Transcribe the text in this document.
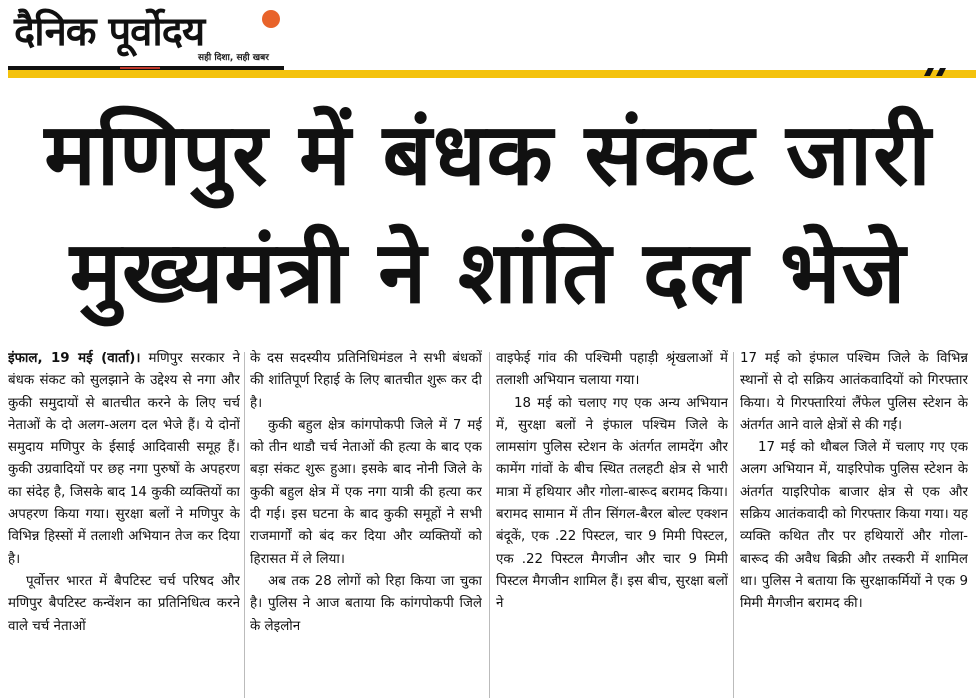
दैनिक पूर्वोदय
सही दिशा, सही खबर
मणिपुर में बंधक संकट जारी
मुख्यमंत्री ने शांति दल भेजे

इंफाल, 19 मई (वार्ता)। मणिपुर सरकार ने बंधक संकट को सुलझाने के उद्देश्य से नगा और कुकी समुदायों से बातचीत करने के लिए चर्च नेताओं के दो अलग-अलग दल भेजे हैं। ये दोनों समुदाय मणिपुर के ईसाई आदिवासी समूह हैं। कुकी उग्रवादियों पर छह नगा पुरुषों के अपहरण का संदेह है, जिसके बाद 14 कुकी व्यक्तियों का अपहरण किया गया। सुरक्षा बलों ने मणिपुर के विभिन्न हिस्सों में तलाशी अभियान तेज कर दिया है।

पूर्वोत्तर भारत में बैपटिस्ट चर्च परिषद और मणिपुर बैपटिस्ट कन्वेंशन का प्रतिनिधित्व करने वाले चर्च नेताओं

के दस सदस्यीय प्रतिनिधिमंडल ने सभी बंधकों की शांतिपूर्ण रिहाई के लिए बातचीत शुरू कर दी है।

कुकी बहुल क्षेत्र कांगपोकपी जिले में 7 मई को तीन थाडौ चर्च नेताओं की हत्या के बाद एक बड़ा संकट शुरू हुआ। इसके बाद नोनी जिले के कुकी बहुल क्षेत्र में एक नगा यात्री की हत्या कर दी गई। इस घटना के बाद कुकी समूहों ने सभी राजमार्गों को बंद कर दिया और व्यक्तियों को हिरासत में ले लिया।

अब तक 28 लोगों को रिहा किया जा चुका है। पुलिस ने आज बताया कि कांगपोकपी जिले के लेइलोन

वाइफेई गांव की पश्चिमी पहाड़ी श्रृंखलाओं में तलाशी अभियान चलाया गया।

18 मई को चलाए गए एक अन्य अभियान में, सुरक्षा बलों ने इंफाल पश्चिम जिले के लामसांग पुलिस स्टेशन के अंतर्गत लामदेंग और कामेंग गांवों के बीच स्थित तलहटी क्षेत्र से भारी मात्रा में हथियार और गोला-बारूद बरामद किया। बरामद सामान में तीन सिंगल-बैरल बोल्ट एक्शन बंदूकें, एक .22 पिस्टल, चार 9 मिमी पिस्टल, एक .22 पिस्टल मैगजीन और चार 9 मिमी पिस्टल मैगजीन शामिल हैं। इस बीच, सुरक्षा बलों ने

17 मई को इंफाल पश्चिम जिले के विभिन्न स्थानों से दो सक्रिय आतंकवादियों को गिरफ्तार किया। ये गिरफ्तारियां लैंफेल पुलिस स्टेशन के अंतर्गत आने वाले क्षेत्रों से की गईं।

17 मई को थौबल जिले में चलाए गए एक अलग अभियान में, याइरिपोक पुलिस स्टेशन के अंतर्गत याइरिपोक बाजार क्षेत्र से एक और सक्रिय आतंकवादी को गिरफ्तार किया गया। यह व्यक्ति कथित तौर पर हथियारों और गोला-बारूद की अवैध बिक्री और तस्करी में शामिल था। पुलिस ने बताया कि सुरक्षाकर्मियों ने एक 9 मिमी मैगजीन बरामद की।
